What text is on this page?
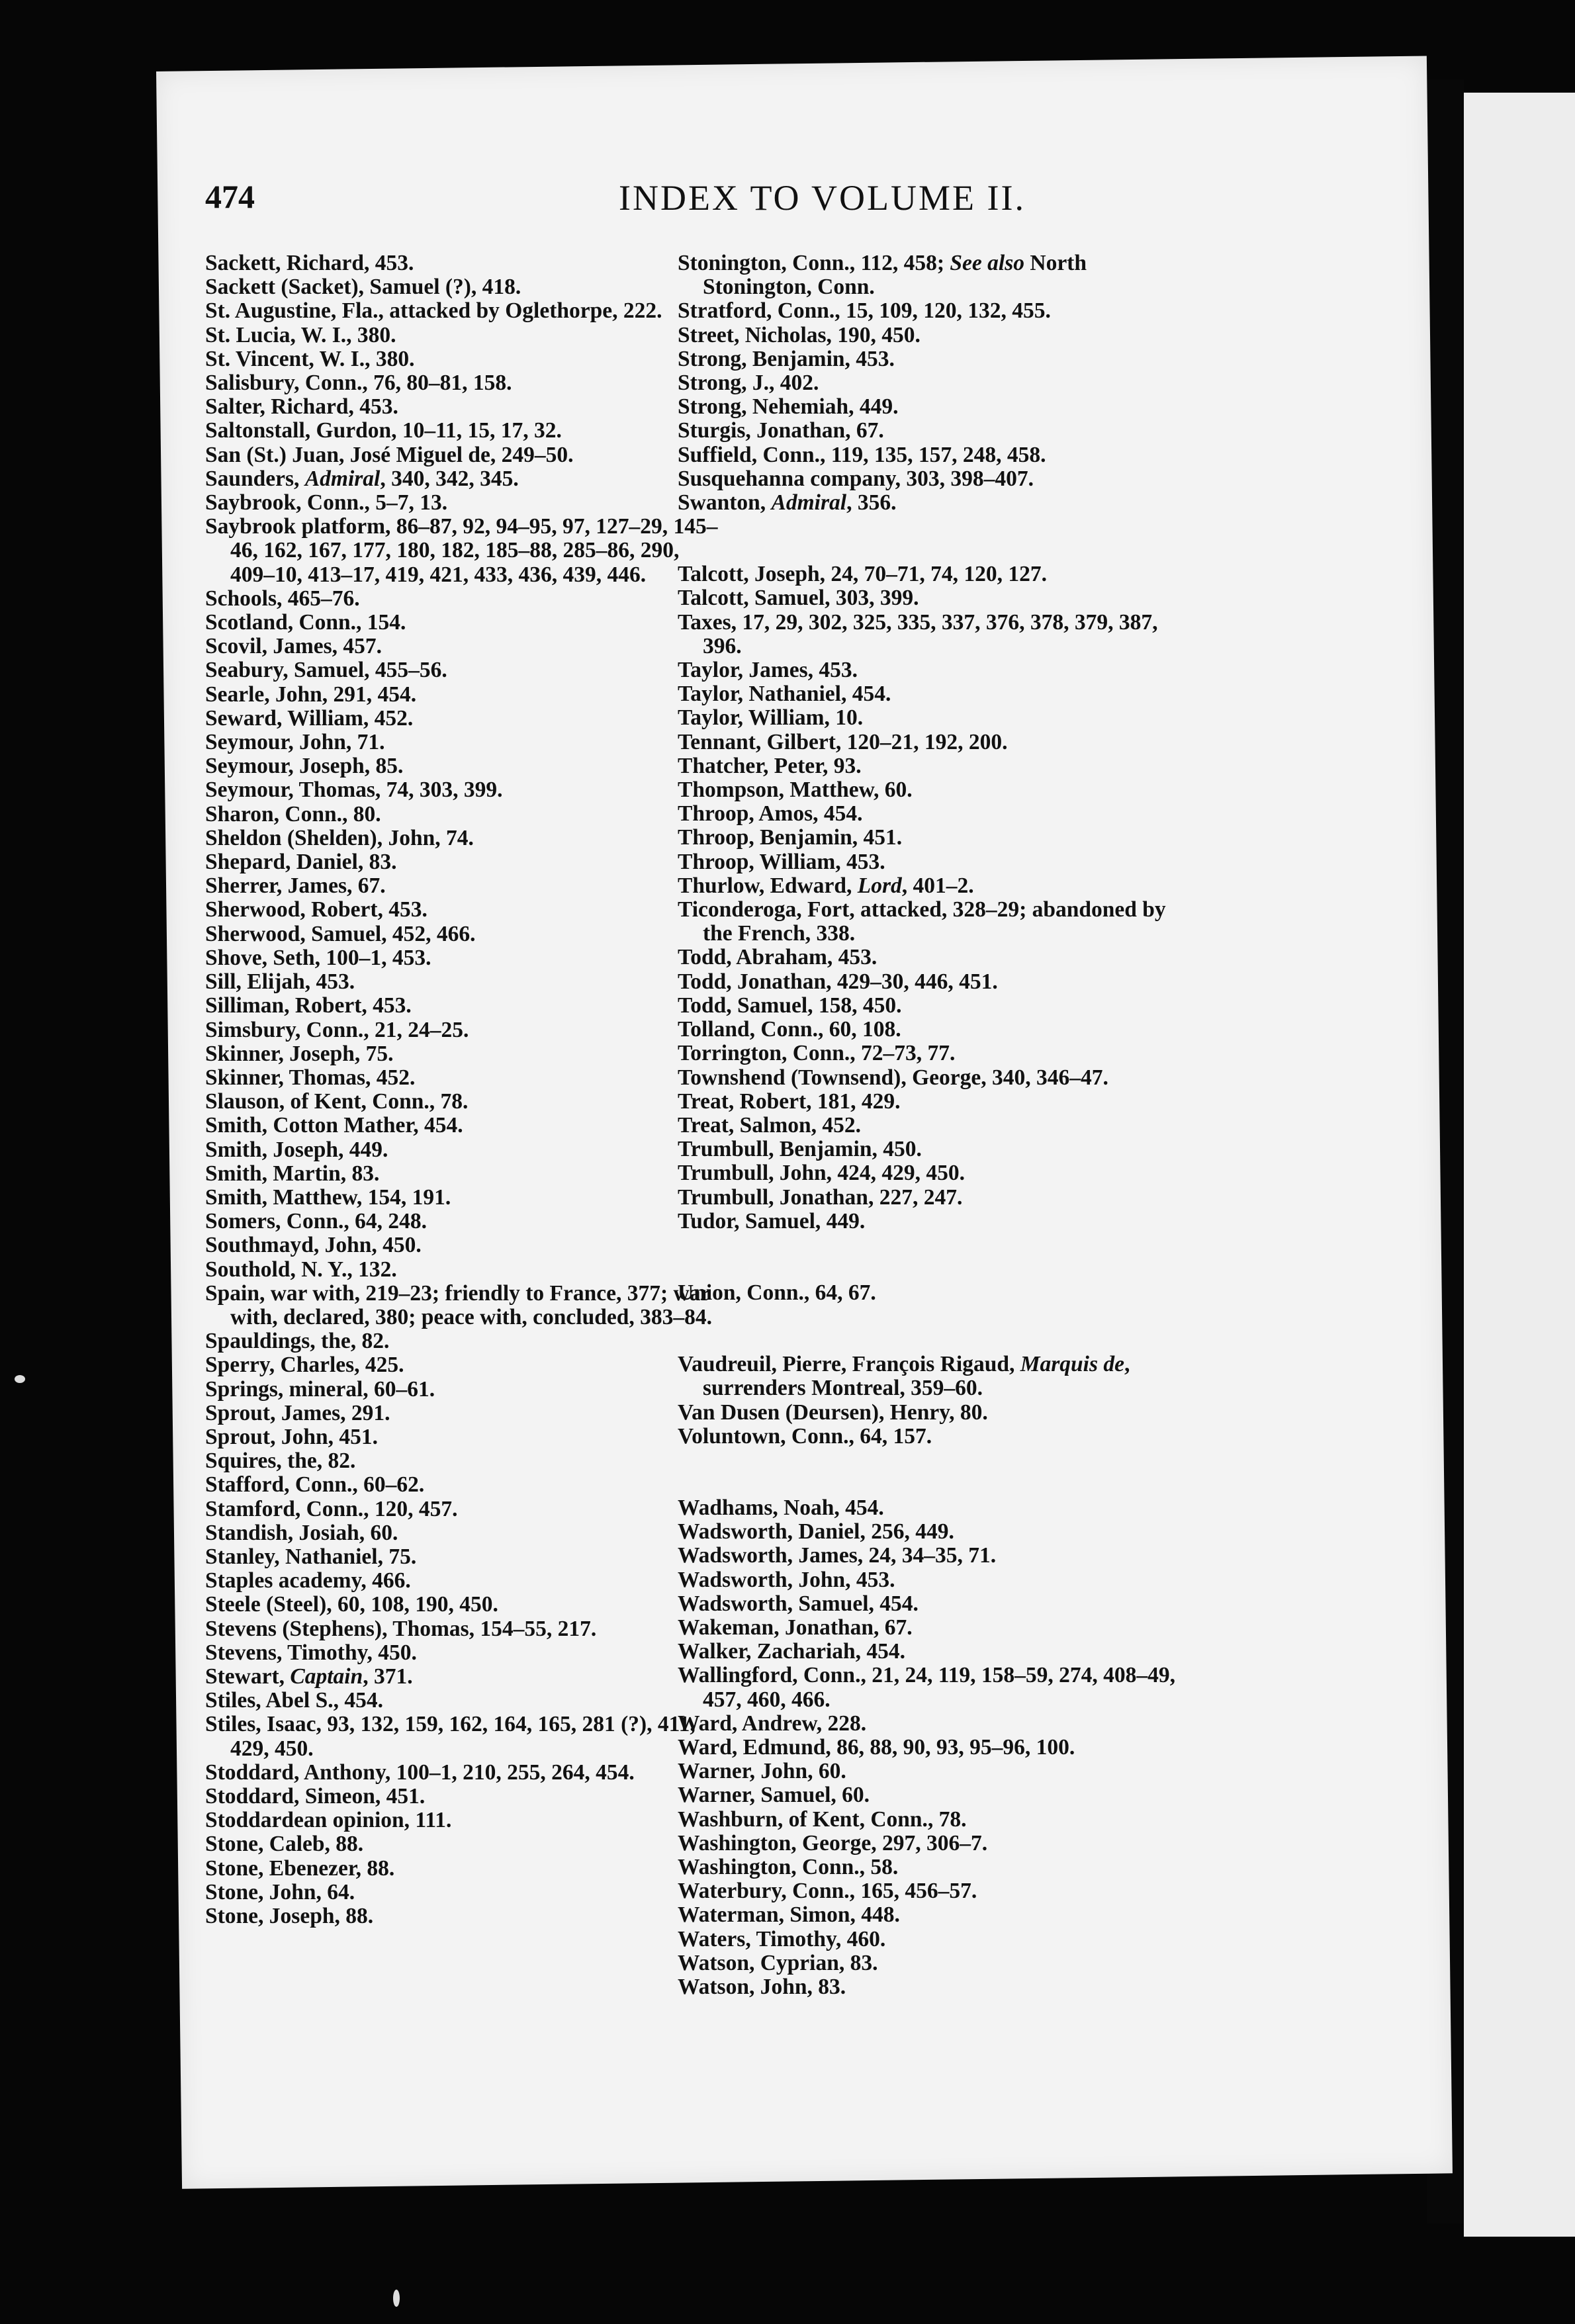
474	INDEX TO VOLUME II.

Sackett, Richard, 453.

Sackett (Sacket), Samuel (?), 418.

St. Augustine, Fla., attacked by Oglethorpe, 222.

St. Lucia, W. I., 380.

St. Vincent, W. I., 380.

Salisbury, Conn., 76, 80–81, 158.

Salter, Richard, 453.

Saltonstall, Gurdon, 10–11, 15, 17, 32.

San (St.) Juan, José Miguel de, 249–50.

Saunders, Admiral, 340, 342, 345.

Saybrook, Conn., 5–7, 13.

Saybrook platform, 86–87, 92, 94–95, 97, 127–29, 145–46, 162, 167, 177, 180, 182, 185–88, 285–86, 290, 409–10, 413–17, 419, 421, 433, 436, 439, 446.

Schools, 465–76.

Scotland, Conn., 154.

Scovil, James, 457.

Seabury, Samuel, 455–56.

Searle, John, 291, 454.

Seward, William, 452.

Seymour, John, 71.

Seymour, Joseph, 85.

Seymour, Thomas, 74, 303, 399.

Sharon, Conn., 80.

Sheldon (Shelden), John, 74.

Shepard, Daniel, 83.

Sherrer, James, 67.

Sherwood, Robert, 453.

Sherwood, Samuel, 452, 466.

Shove, Seth, 100–1, 453.

Sill, Elijah, 453.

Silliman, Robert, 453.

Simsbury, Conn., 21, 24–25.

Skinner, Joseph, 75.

Skinner, Thomas, 452.

Slauson, of Kent, Conn., 78.

Smith, Cotton Mather, 454.

Smith, Joseph, 449.

Smith, Martin, 83.

Smith, Matthew, 154, 191.

Somers, Conn., 64, 248.

Southmayd, John, 450.

Southold, N. Y., 132.

Spain, war with, 219–23; friendly to France, 377; war with, declared, 380; peace with, concluded, 383–84.

Spauldings, the, 82.

Sperry, Charles, 425.

Springs, mineral, 60–61.

Sprout, James, 291.

Sprout, John, 451.

Squires, the, 82.

Stafford, Conn., 60–62.

Stamford, Conn., 120, 457.

Standish, Josiah, 60.

Stanley, Nathaniel, 75.

Staples academy, 466.

Steele (Steel), 60, 108, 190, 450.

Stevens (Stephens), Thomas, 154–55, 217.

Stevens, Timothy, 450.

Stewart, Captain, 371.

Stiles, Abel S., 454.

Stiles, Isaac, 93, 132, 159, 162, 164, 165, 281 (?), 411, 429, 450.

Stoddard, Anthony, 100–1, 210, 255, 264, 454.

Stoddard, Simeon, 451.

Stoddardean opinion, 111.

Stone, Caleb, 88.

Stone, Ebenezer, 88.

Stone, John, 64.

Stone, Joseph, 88.

Stonington, Conn., 112, 458; See also North Stonington, Conn.

Stratford, Conn., 15, 109, 120, 132, 455.

Street, Nicholas, 190, 450.

Strong, Benjamin, 453.

Strong, J., 402.

Strong, Nehemiah, 449.

Sturgis, Jonathan, 67.

Suffield, Conn., 119, 135, 157, 248, 458.

Susquehanna company, 303, 398–407.

Swanton, Admiral, 356.

Talcott, Joseph, 24, 70–71, 74, 120, 127.

Talcott, Samuel, 303, 399.

Taxes, 17, 29, 302, 325, 335, 337, 376, 378, 379, 387, 396.

Taylor, James, 453.

Taylor, Nathaniel, 454.

Taylor, William, 10.

Tennant, Gilbert, 120–21, 192, 200.

Thatcher, Peter, 93.

Thompson, Matthew, 60.

Throop, Amos, 454.

Throop, Benjamin, 451.

Throop, William, 453.

Thurlow, Edward, Lord, 401–2.

Ticonderoga, Fort, attacked, 328–29; abandoned by the French, 338.

Todd, Abraham, 453.

Todd, Jonathan, 429–30, 446, 451.

Todd, Samuel, 158, 450.

Tolland, Conn., 60, 108.

Torrington, Conn., 72–73, 77.

Townshend (Townsend), George, 340, 346–47.

Treat, Robert, 181, 429.

Treat, Salmon, 452.

Trumbull, Benjamin, 450.

Trumbull, John, 424, 429, 450.

Trumbull, Jonathan, 227, 247.

Tudor, Samuel, 449.

Union, Conn., 64, 67.

Vaudreuil, Pierre, François Rigaud, Marquis de, surrenders Montreal, 359–60.

Van Dusen (Deursen), Henry, 80.

Voluntown, Conn., 64, 157.

Wadhams, Noah, 454.

Wadsworth, Daniel, 256, 449.

Wadsworth, James, 24, 34–35, 71.

Wadsworth, John, 453.

Wadsworth, Samuel, 454.

Wakeman, Jonathan, 67.

Walker, Zachariah, 454.

Wallingford, Conn., 21, 24, 119, 158–59, 274, 408–49, 457, 460, 466.

Ward, Andrew, 228.

Ward, Edmund, 86, 88, 90, 93, 95–96, 100.

Warner, John, 60.

Warner, Samuel, 60.

Washburn, of Kent, Conn., 78.

Washington, George, 297, 306–7.

Washington, Conn., 58.

Waterbury, Conn., 165, 456–57.

Waterman, Simon, 448.

Waters, Timothy, 460.

Watson, Cyprian, 83.

Watson, John, 83.
